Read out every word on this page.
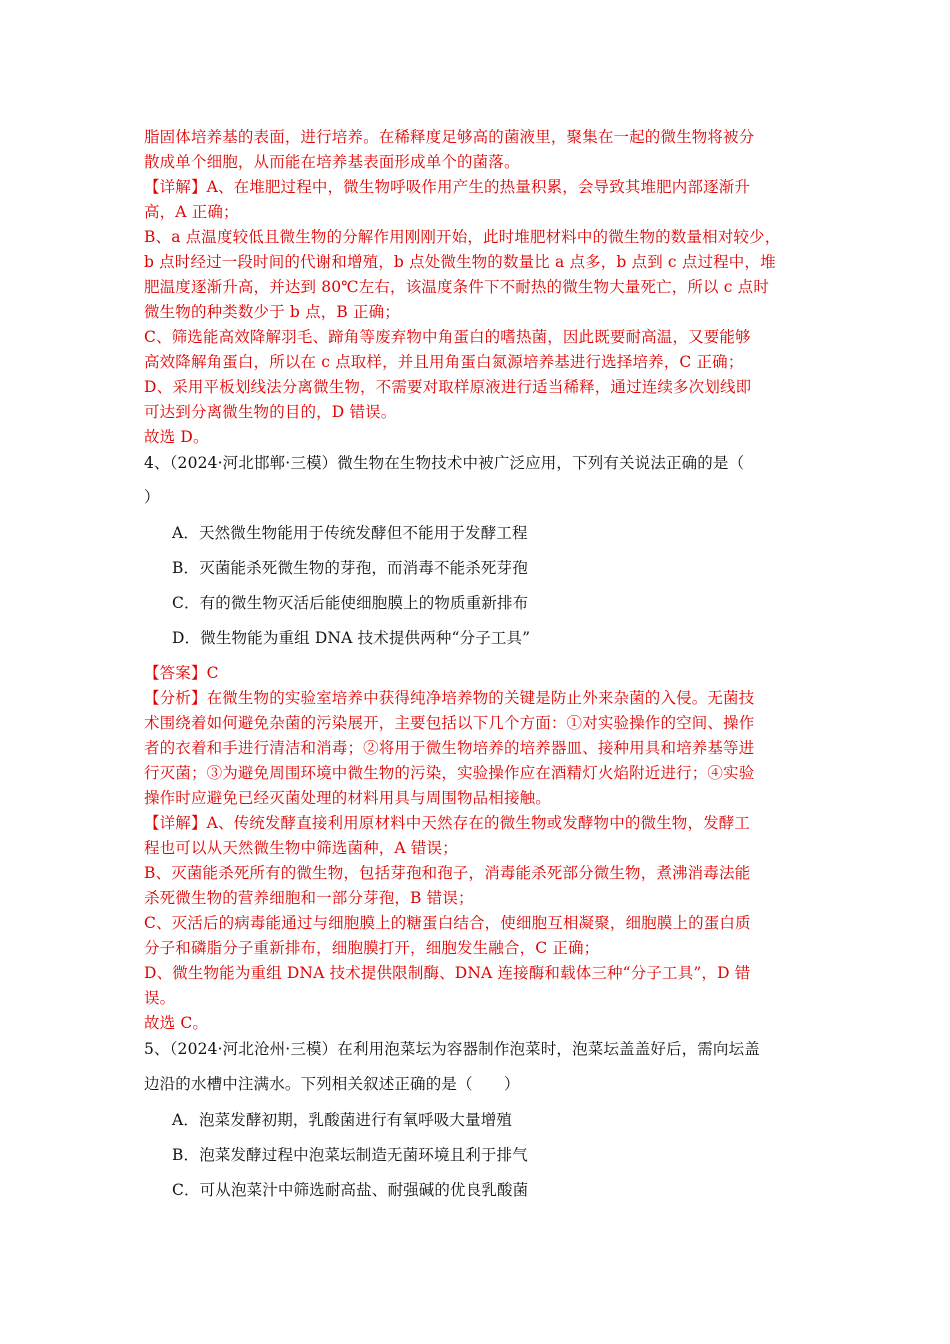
脂固体培养基的表面，进行培养。在稀释度足够高的菌液里，聚集在一起的微生物将被分
散成单个细胞，从而能在培养基表面形成单个的菌落。
【详解】A、在堆肥过程中，微生物呼吸作用产生的热量积累，会导致其堆肥内部逐渐升
高，A 正确；
B、a 点温度较低且微生物的分解作用刚刚开始，此时堆肥材料中的微生物的数量相对较少，
b 点时经过一段时间的代谢和增殖，b 点处微生物的数量比 a 点多，b 点到 c 点过程中，堆
肥温度逐渐升高，并达到 80℃左右，该温度条件下不耐热的微生物大量死亡，所以 c 点时
微生物的种类数少于 b 点，B 正确；
C、筛选能高效降解羽毛、蹄角等废弃物中角蛋白的嗜热菌，因此既要耐高温，又要能够
高效降解角蛋白，所以在 c 点取样，并且用角蛋白氮源培养基进行选择培养，C 正确；
D、采用平板划线法分离微生物，不需要对取样原液进行适当稀释，通过连续多次划线即
可达到分离微生物的目的，D 错误。
故选 D。
4、（2024·河北邯郸·三模）微生物在生物技术中被广泛应用，下列有关说法正确的是（
）
A．天然微生物能用于传统发酵但不能用于发酵工程
B．灭菌能杀死微生物的芽孢，而消毒不能杀死芽孢
C．有的微生物灭活后能使细胞膜上的物质重新排布
D．微生物能为重组 DNA 技术提供两种“分子工具”
【答案】C
【分析】在微生物的实验室培养中获得纯净培养物的关键是防止外来杂菌的入侵。无菌技
术围绕着如何避免杂菌的污染展开，主要包括以下几个方面：①对实验操作的空间、操作
者的衣着和手进行清洁和消毒；②将用于微生物培养的培养器皿、接种用具和培养基等进
行灭菌；③为避免周围环境中微生物的污染，实验操作应在酒精灯火焰附近进行；④实验
操作时应避免已经灭菌处理的材料用具与周围物品相接触。
【详解】A、传统发酵直接利用原材料中天然存在的微生物或发酵物中的微生物，发酵工
程也可以从天然微生物中筛选菌种，A 错误；
B、灭菌能杀死所有的微生物，包括芽孢和孢子，消毒能杀死部分微生物，煮沸消毒法能
杀死微生物的营养细胞和一部分芽孢，B 错误；
C、灭活后的病毒能通过与细胞膜上的糖蛋白结合，使细胞互相凝聚，细胞膜上的蛋白质
分子和磷脂分子重新排布，细胞膜打开，细胞发生融合，C 正确；
D、微生物能为重组 DNA 技术提供限制酶、DNA 连接酶和载体三种“分子工具”，D 错
误。
故选 C。
5、（2024·河北沧州·三模）在利用泡菜坛为容器制作泡菜时，泡菜坛盖盖好后，需向坛盖
边沿的水槽中注满水。下列相关叙述正确的是（　　）
A．泡菜发酵初期，乳酸菌进行有氧呼吸大量增殖
B．泡菜发酵过程中泡菜坛制造无菌环境且利于排气
C．可从泡菜汁中筛选耐高盐、耐强碱的优良乳酸菌
